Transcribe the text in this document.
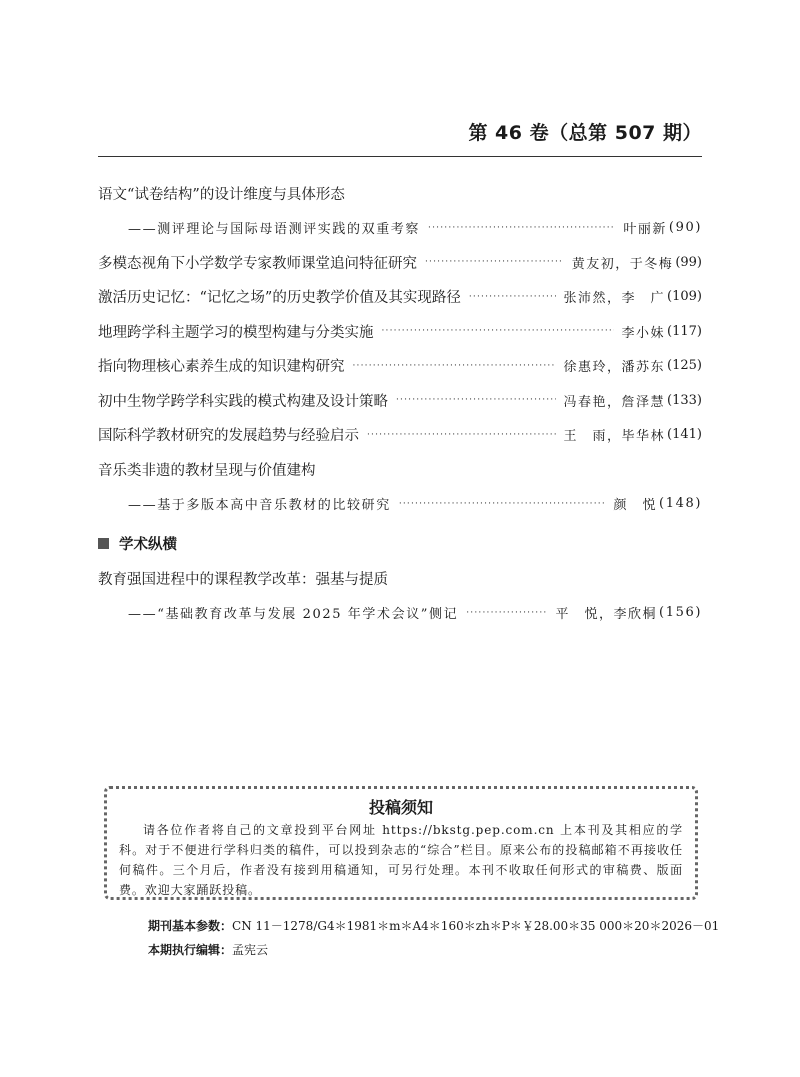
第 46 卷（总第 507 期）
语文“试卷结构”的设计维度与具体形态
——测评理论与国际母语测评实践的双重考察 ·····	叶丽新 (90)
多模态视角下小学数学专家教师课堂追问特征研究 ·····	黄友初，于冬梅 (99)
激活历史记忆：“记忆之场”的历史教学价值及其实现路径 ·····	张沛然，李　广 (109)
地理跨学科主题学习的模型构建与分类实施 ·····	李小妹 (117)
指向物理核心素养生成的知识建构研究 ·····	徐惠玲，潘苏东 (125)
初中生物学跨学科实践的模式构建及设计策略 ·····	冯春艳，詹泽慧 (133)
国际科学教材研究的发展趋势与经验启示 ·····	王　雨，毕华林 (141)
音乐类非遗的教材呈现与价值建构
——基于多版本高中音乐教材的比较研究 ·····	颜　悦 (148)
学术纵横
教育强国进程中的课程教学改革：强基与提质
——“基础教育改革与发展 2025 年学术会议”侧记 ·····	平　悦，李欣桐 (156)
投稿须知
请各位作者将自己的文章投到平台网址 https://bkstg.pep.com.cn 上本刊及其相应的学科。对于不便进行学科归类的稿件，可以投到杂志的“综合”栏目。原来公布的投稿邮箱不再接收任何稿件。三个月后，作者没有接到用稿通知，可另行处理。本刊不收取任何形式的审稿费、版面费。欢迎大家踊跃投稿。
期刊基本参数：CN 11－1278/G4＊1981＊m＊A4＊160＊zh＊P＊￥28.00＊35 000＊20＊2026－01
本期执行编辑：孟宪云
